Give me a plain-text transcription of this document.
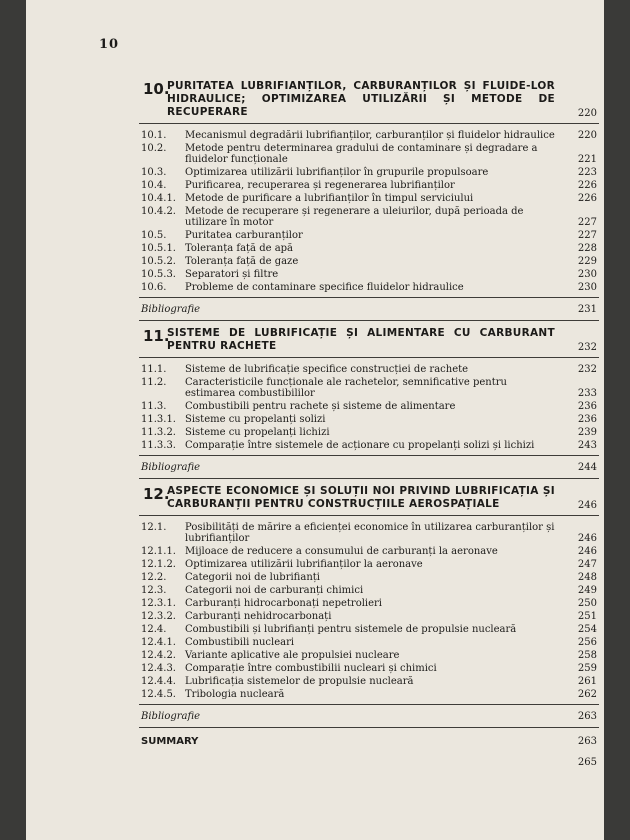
10
10.
PURITATEA LUBRIFIANȚILOR, CARBURANȚILOR ȘI FLUIDE-LOR HIDRAULICE; OPTIMIZAREA UTILIZĂRII ȘI METODE DE RECUPERARE	220
10.1. Mecanismul degradării lubrifianților, carburanților și fluidelor hidraulice 220
10.2. Metode pentru determinarea gradului de contaminare și degradare a fluidelor funcționale	221
10.3. Optimizarea utilizării lubrifianților în grupurile propulsoare	223
10.4. Purificarea, recuperarea și regenerarea lubrifianților	226
10.4.1. Metode de purificare a lubrifianților în timpul serviciului	226
10.4.2. Metode de recuperare și regenerare a uleiurilor, după perioada de utilizare în motor	227
10.5. Puritatea carburanților	227
10.5.1. Toleranța față de apă	228
10.5.2. Toleranța față de gaze	229
10.5.3. Separatori și filtre	230
10.6. Probleme de contaminare specifice fluidelor hidraulice	230
Bibliografie	231
11.
SISTEME DE LUBRIFICAȚIE ȘI ALIMENTARE CU CARBURANT PENTRU RACHETE	232
11.1. Sisteme de lubrificație specifice construcției de rachete	232
11.2. Caracteristicile funcționale ale rachetelor, semnificative pentru estimarea combustibililor	233
11.3. Combustibili pentru rachete și sisteme de alimentare	236
11.3.1. Sisteme cu propelanți solizi	236
11.3.2. Sisteme cu propelanți lichizi	239
11.3.3. Comparație între sistemele de acționare cu propelanți solizi și lichizi	243
Bibliografie	244
12.
ASPECTE ECONOMICE ȘI SOLUȚII NOI PRIVIND LUBRIFICAȚIA ȘI CARBURANȚII PENTRU CONSTRUCȚIILE AEROSPAȚIALE	246
12.1. Posibilități de mărire a eficienței economice în utilizarea carburanților și lubrifianților	246
12.1.1. Mijloace de reducere a consumului de carburanți la aeronave	246
12.1.2. Optimizarea utilizării lubrifianților la aeronave	247
12.2. Categorii noi de lubrifianți	248
12.3. Categorii noi de carburanți chimici	249
12.3.1. Carburanți hidrocarbonați nepetrolieri	250
12.3.2. Carburanți nehidrocarbonați	251
12.4. Combustibili și lubrifianți pentru sistemele de propulsie nucleară	254
12.4.1. Combustibili nucleari	256
12.4.2. Variante aplicative ale propulsiei nucleare	258
12.4.3. Comparație între combustibilii nucleari și chimici	259
12.4.4. Lubrificația sistemelor de propulsie nucleară	261
12.4.5. Tribologia nucleară	262
Bibliografie	263
SUMMARY	263
265
